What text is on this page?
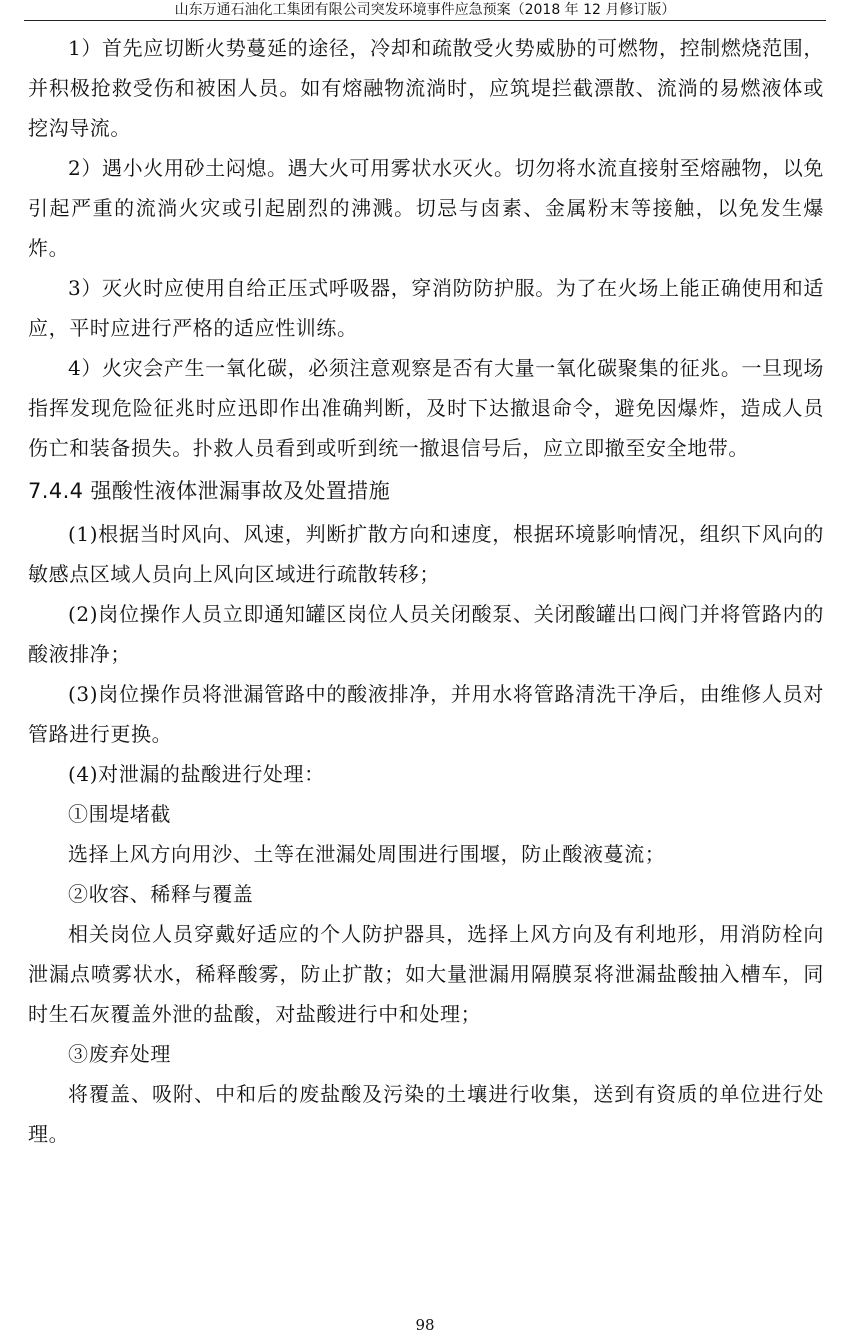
山东万通石油化工集团有限公司突发环境事件应急预案（2018 年 12 月修订版）

1）首先应切断火势蔓延的途径，冷却和疏散受火势威胁的可燃物，控制燃烧范围，并积极抢救受伤和被困人员。如有熔融物流淌时，应筑堤拦截漂散、流淌的易燃液体或挖沟导流。

2）遇小火用砂土闷熄。遇大火可用雾状水灭火。切勿将水流直接射至熔融物，以免引起严重的流淌火灾或引起剧烈的沸溅。切忌与卤素、金属粉末等接触，以免发生爆炸。

3）灭火时应使用自给正压式呼吸器，穿消防防护服。为了在火场上能正确使用和适应，平时应进行严格的适应性训练。

4）火灾会产生一氧化碳，必须注意观察是否有大量一氧化碳聚集的征兆。一旦现场指挥发现危险征兆时应迅即作出准确判断，及时下达撤退命令，避免因爆炸，造成人员伤亡和装备损失。扑救人员看到或听到统一撤退信号后，应立即撤至安全地带。

7.4.4 强酸性液体泄漏事故及处置措施

(1)根据当时风向、风速，判断扩散方向和速度，根据环境影响情况，组织下风向的敏感点区域人员向上风向区域进行疏散转移；

(2)岗位操作人员立即通知罐区岗位人员关闭酸泵、关闭酸罐出口阀门并将管路内的酸液排净；

(3)岗位操作员将泄漏管路中的酸液排净，并用水将管路清洗干净后，由维修人员对管路进行更换。

(4)对泄漏的盐酸进行处理：

①围堤堵截

选择上风方向用沙、土等在泄漏处周围进行围堰，防止酸液蔓流；

②收容、稀释与覆盖

相关岗位人员穿戴好适应的个人防护器具，选择上风方向及有利地形，用消防栓向泄漏点喷雾状水，稀释酸雾，防止扩散；如大量泄漏用隔膜泵将泄漏盐酸抽入槽车，同时生石灰覆盖外泄的盐酸，对盐酸进行中和处理；

③废弃处理

将覆盖、吸附、中和后的废盐酸及污染的土壤进行收集，送到有资质的单位进行处理。

98
